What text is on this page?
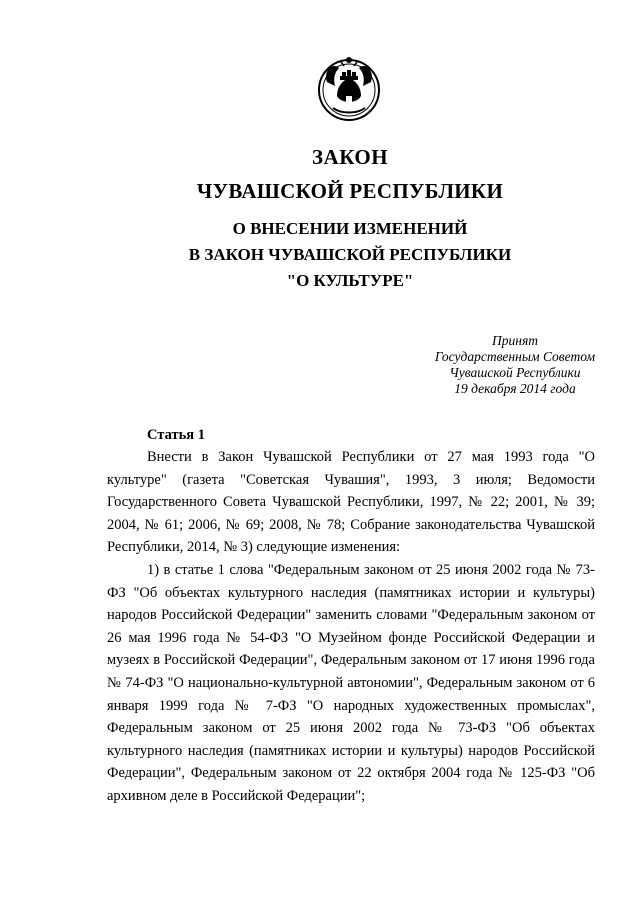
ЗАКОН
ЧУВАШСКОЙ РЕСПУБЛИКИ
О ВНЕСЕНИИ ИЗМЕНЕНИЙ
В ЗАКОН ЧУВАШСКОЙ РЕСПУБЛИКИ
"О КУЛЬТУРЕ"
Принят
Государственным Советом
Чувашской Республики
19 декабря 2014 года
Статья 1

Внести в Закон Чувашской Республики от 27 мая 1993 года "О культуре" (газета "Советская Чувашия", 1993, 3 июля; Ведомости Государственного Совета Чувашской Республики, 1997, № 22; 2001, № 39; 2004, № 61; 2006, № 69; 2008, № 78; Собрание законодательства Чувашской Республики, 2014, № 3) следующие изменения:

1) в статье 1 слова "Федеральным законом от 25 июня 2002 года № 73-ФЗ "Об объектах культурного наследия (памятниках истории и культуры) народов Российской Федерации" заменить словами "Федеральным законом от 26 мая 1996 года № 54-ФЗ "О Музейном фонде Российской Федерации и музеях в Российской Федерации", Федеральным законом от 17 июня 1996 года № 74-ФЗ "О национально-культурной автономии", Федеральным законом от 6 января 1999 года № 7-ФЗ "О народных художественных промыслах", Федеральным законом от 25 июня 2002 года № 73-ФЗ "Об объектах культурного наследия (памятниках истории и культуры) народов Российской Федерации", Федеральным законом от 22 октября 2004 года № 125-ФЗ "Об архивном деле в Российской Федерации";
